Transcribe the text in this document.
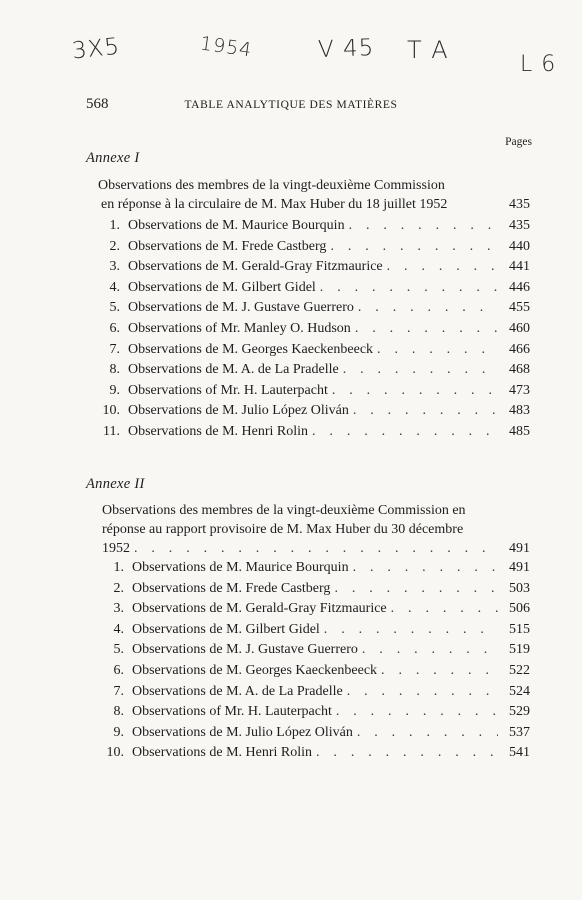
3X5	1954	V 45 T A
L 6
568	TABLE ANALYTIQUE DES MATIÈRES
Pages
Annexe I
Observations des membres de la vingt-deuxième Commission
en réponse à la circulaire de M. Max Huber du 18 juillet 1952	435
1. Observations de M. Maurice Bourquin . . .	435
2. Observations de M. Frede Castberg . . .	440
3. Observations de M. Gerald-Gray Fitzmaurice . . .	441
4. Observations de M. Gilbert Gidel . . .	446
5. Observations de M. J. Gustave Guerrero . . .	455
6. Observations of Mr. Manley O. Hudson . . .	460
7. Observations de M. Georges Kaeckenbeeck . . .	466
8. Observations de M. A. de La Pradelle . . .	468
9. Observations of Mr. H. Lauterpacht . . .	473
10. Observations de M. Julio López Oliván . . .	483
11. Observations de M. Henri Rolin . . .	485
Annexe II
Observations des membres de la vingt-deuxième Commission en
réponse au rapport provisoire de M. Max Huber du 30 décembre
1952 . . .	491
1. Observations de M. Maurice Bourquin . . .	491
2. Observations de M. Frede Castberg . . .	503
3. Observations de M. Gerald-Gray Fitzmaurice . . .	506
4. Observations de M. Gilbert Gidel . . .	515
5. Observations de M. J. Gustave Guerrero . . .	519
6. Observations de M. Georges Kaeckenbeeck . . .	522
7. Observations de M. A. de La Pradelle . . .	524
8. Observations of Mr. H. Lauterpacht . . .	529
9. Observations de M. Julio López Oliván . . .	537
10. Observations de M. Henri Rolin . . .	541
